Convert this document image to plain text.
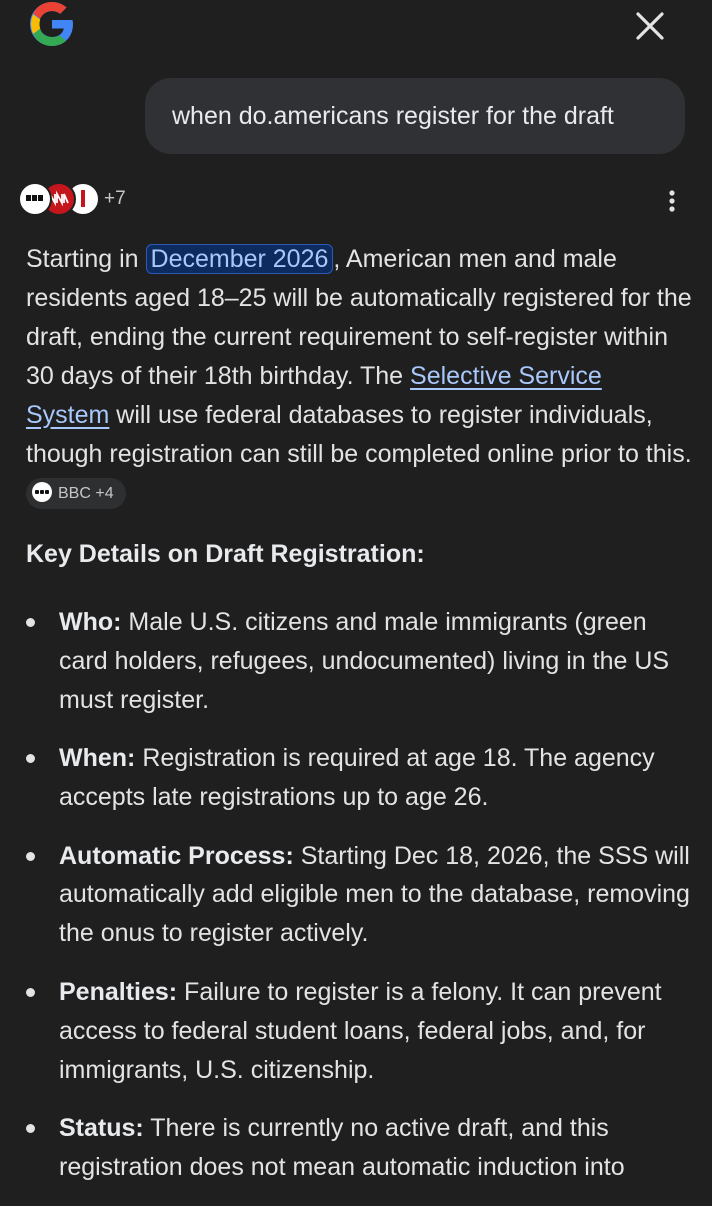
when do.americans register for the draft
+7
Starting in December 2026 , American men and male residents aged 18–25 will be automatically registered for the draft, ending the current requirement to self-register within 30 days of their 18th birthday. The Selective Service System will use federal databases to register individuals, though registration can still be completed online prior to this.
BBC +4
Key Details on Draft Registration:
Who: Male U.S. citizens and male immigrants (green card holders, refugees, undocumented) living in the US must register.
When: Registration is required at age 18. The agency accepts late registrations up to age 26.
Automatic Process: Starting Dec 18, 2026, the SSS will automatically add eligible men to the database, removing the onus to register actively.
Penalties: Failure to register is a felony. It can prevent access to federal student loans, federal jobs, and, for immigrants, U.S. citizenship.
Status: There is currently no active draft, and this registration does not mean automatic induction into
